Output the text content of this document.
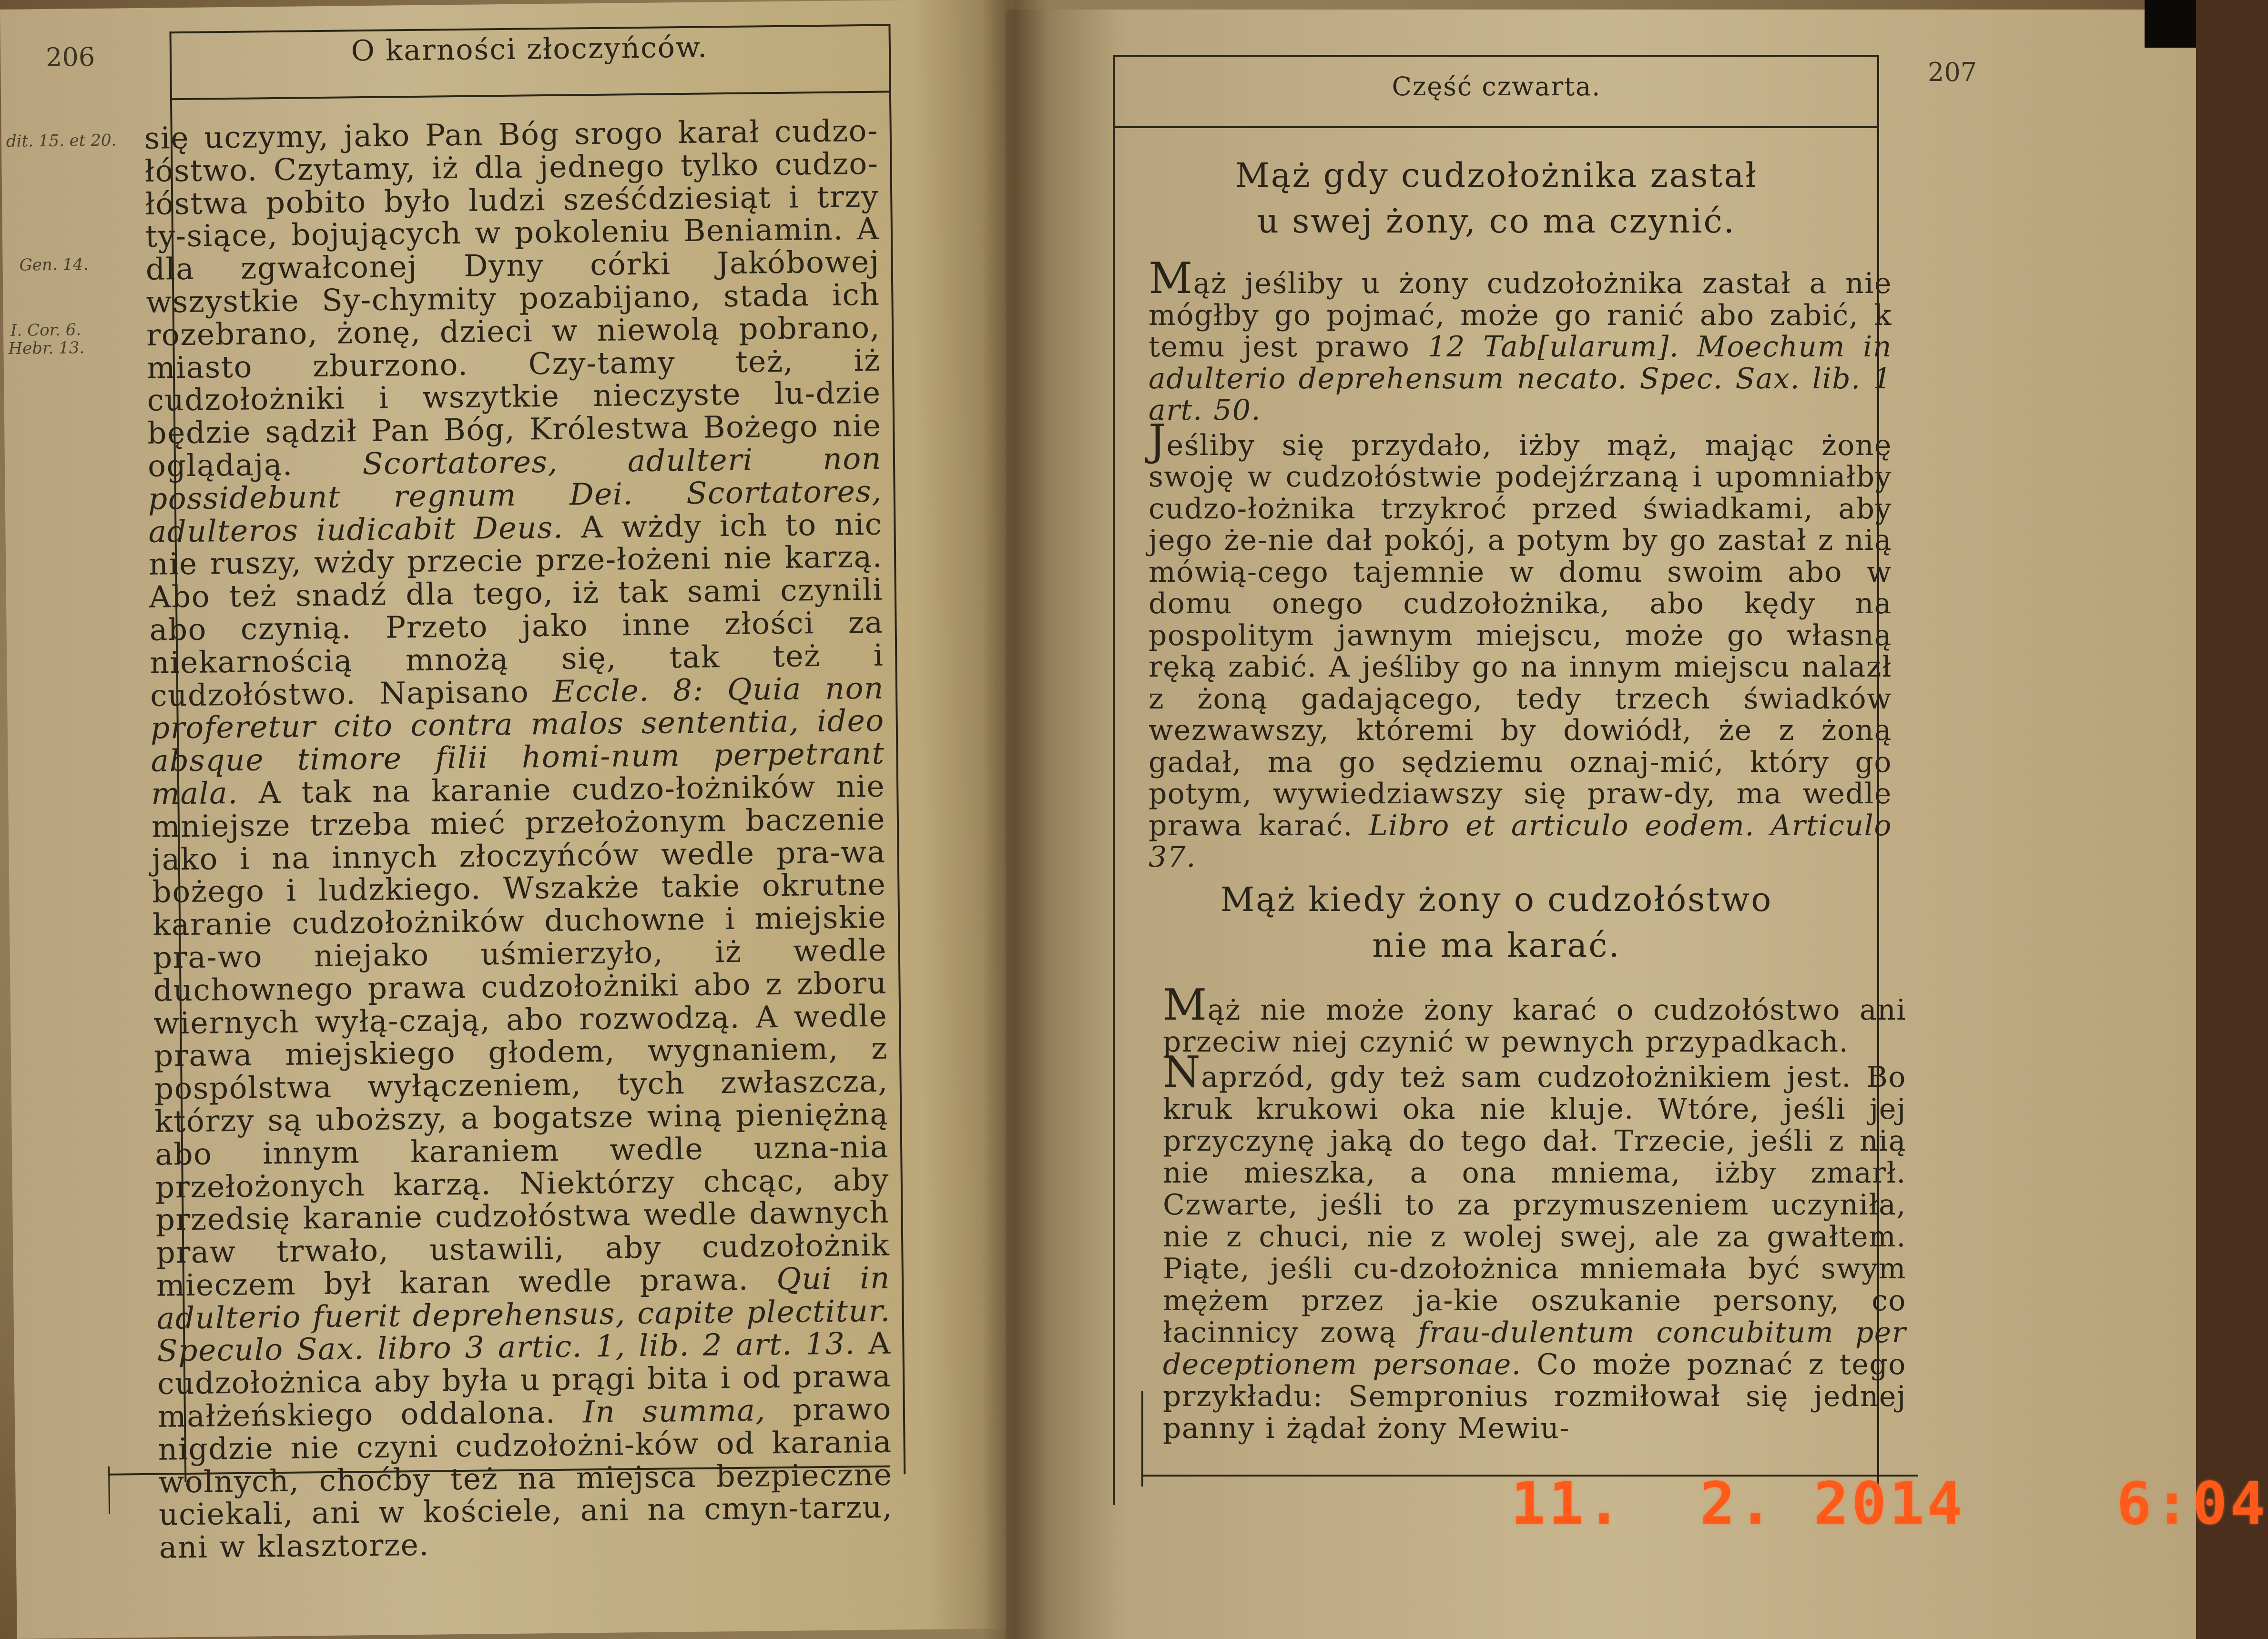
206	O karności złoczyńców.
dit. 15. et 20.
Gen. 14.
I. Cor. 6.
Hebr. 13.

się uczymy, jako Pan Bóg srogo karał cudzo-łóstwo. Czytamy, iż dla jednego tylko cudzo-łóstwa pobito było ludzi sześćdziesiąt i trzy ty-siące, bojujących w pokoleniu Beniamin. A dla zgwałconej Dyny córki Jakóbowej wszystkie Sy-chymity pozabijano, stada ich rozebrano, żonę, dzieci w niewolą pobrano, miasto zburzono. Czy-tamy też, iż cudzołożniki i wszytkie nieczyste lu-dzie będzie sądził Pan Bóg, Królestwa Bożego nie oglądają. Scortatores, adulteri non possidebunt regnum Dei. Scortatores, adulteros iudicabit Deus. A wżdy ich to nic nie ruszy, wżdy przecie prze-łożeni nie karzą. Abo też snadź dla tego, iż tak sami czynili abo czynią. Przeto jako inne złości za niekarnością mnożą się, tak też i cudzołóstwo. Napisano Eccle. 8: Quia non proferetur cito contra malos sententia, ideo absque timore filii homi-num perpetrant mala. A tak na karanie cudzo-łożników nie mniejsze trzeba mieć przełożonym baczenie jako i na innych złoczyńców wedle pra-wa bożego i ludzkiego. Wszakże takie okrutne karanie cudzołożników duchowne i miejskie pra-wo niejako uśmierzyło, iż wedle duchownego prawa cudzołożniki abo z zboru wiernych wyłą-czają, abo rozwodzą. A wedle prawa miejskiego głodem, wygnaniem, z pospólstwa wyłączeniem, tych zwłaszcza, którzy są uboższy, a bogatsze winą pieniężną abo innym karaniem wedle uzna-nia przełożonych karzą. Niektórzy chcąc, aby przedsię karanie cudzołóstwa wedle dawnych praw trwało, ustawili, aby cudzołożnik mieczem był karan wedle prawa. Qui in adulterio fuerit deprehensus, capite plectitur. Speculo Sax. libro 3 artic. 1, lib. 2 art. 13. A cudzołożnica aby była u prągi bita i od prawa małżeńskiego oddalona. In summa, prawo nigdzie nie czyni cudzołożni-ków od karania wolnych, choćby też na miejsca bezpieczne uciekali, ani w kościele, ani na cmyn-tarzu, ani w klasztorze.

207
Część czwarta.
Mąż gdy cudzołożnika zastał
u swej żony, co ma czynić.

Mąż jeśliby u żony cudzołożnika zastał a nie mógłby go pojmać, może go ranić abo zabić, k temu jest prawo 12 Tab[ularum]. Moechum in adulterio deprehensum necato. Spec. Sax. lib. 1 art. 50.

Jeśliby się przydało, iżby mąż, mając żonę swoję w cudzołóstwie podejźrzaną i upomniałby cudzo-łożnika trzykroć przed świadkami, aby jego że-nie dał pokój, a potym by go zastał z nią mówią-cego tajemnie w domu swoim abo w domu onego cudzołożnika, abo kędy na pospolitym jawnym miejscu, może go własną ręką zabić. A jeśliby go na innym miejscu nalazł z żoną gadającego, tedy trzech świadków wezwawszy, któremi by dowiódł, że z żoną gadał, ma go sędziemu oznaj-mić, który go potym, wywiedziawszy się praw-dy, ma wedle prawa karać. Libro et articulo eodem. Articulo 37.

Mąż kiedy żony o cudzołóstwo
nie ma karać.

Mąż nie może żony karać o cudzołóstwo ani przeciw niej czynić w pewnych przypadkach.

Naprzód, gdy też sam cudzołożnikiem jest. Bo kruk krukowi oka nie kluje. Wtóre, jeśli jej przyczynę jaką do tego dał. Trzecie, jeśli z nią nie mieszka, a ona mniema, iżby zmarł. Czwarte, jeśli to za przymuszeniem uczyniła, nie z chuci, nie z wolej swej, ale za gwałtem. Piąte, jeśli cu-dzołożnica mniemała być swym mężem przez ja-kie oszukanie persony, co łacinnicy zową frau-dulentum concubitum per deceptionem personae. Co może poznać z tego przykładu: Sempronius rozmiłował się jednej panny i żądał żony Mewiu-

11.  2. 2014	6:04
